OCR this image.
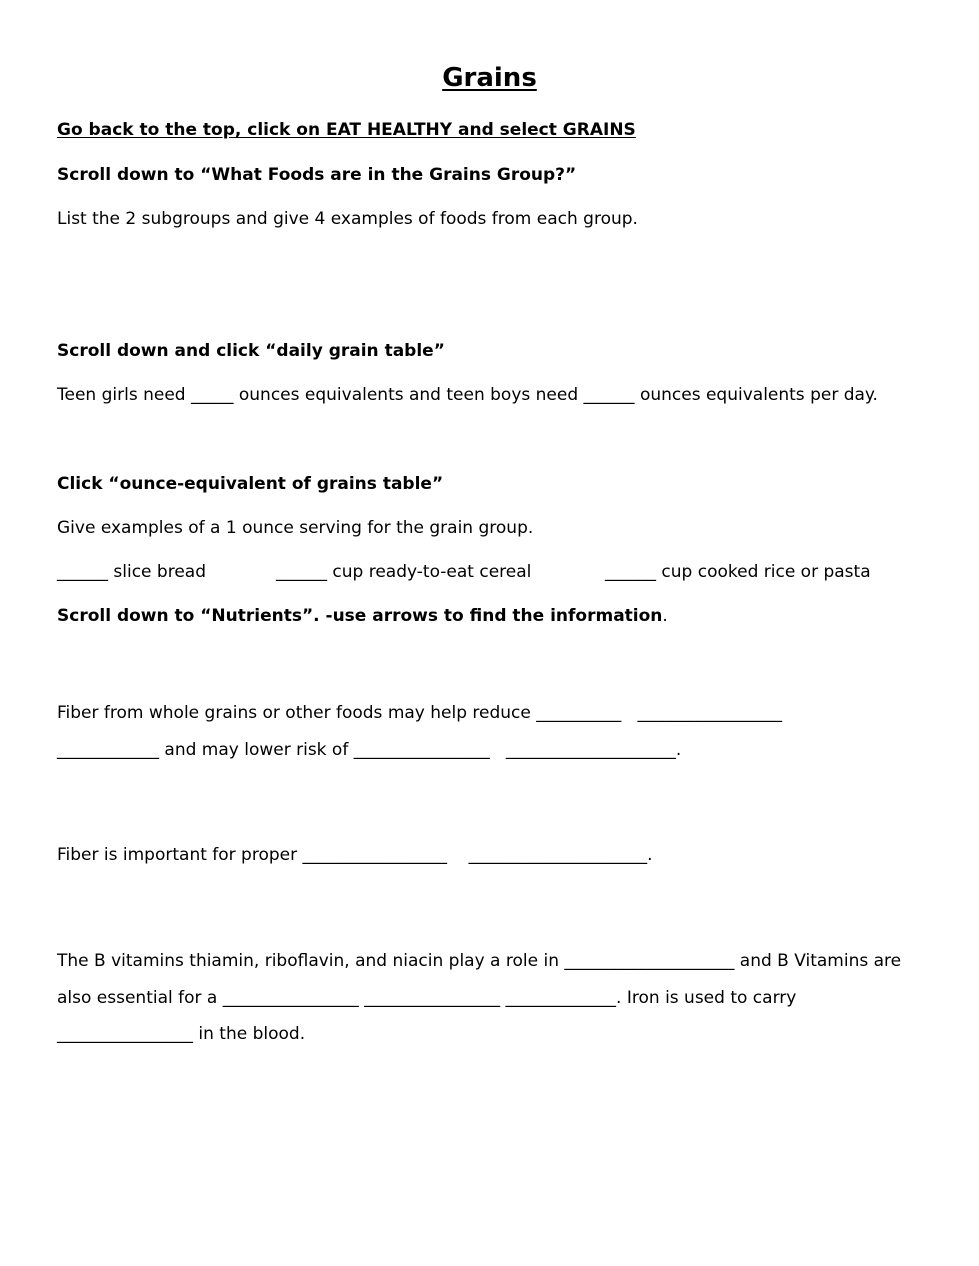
Grains
Go back to the top, click on EAT HEALTHY and select GRAINS
Scroll down to “What Foods are in the Grains Group?”
List the 2 subgroups and give 4 examples of foods from each group.
Scroll down and click “daily grain table”
Teen girls need _____ ounces equivalents and teen boys need ______ ounces equivalents per day.
Click “ounce-equivalent of grains table”
Give examples of a 1 ounce serving for the grain group.
______ slice bread	______ cup ready-to-eat cereal	______ cup cooked rice or pasta
Scroll down to “Nutrients”. -use arrows to find the information.
Fiber from whole grains or other foods may help reduce __________   _________________
____________ and may lower risk of ________________   ____________________.
Fiber is important for proper _________________    _____________________.
The B vitamins thiamin, riboflavin, and niacin play a role in ____________________ and B Vitamins are
also essential for a ________________ ________________ _____________. Iron is used to carry
________________ in the blood.
